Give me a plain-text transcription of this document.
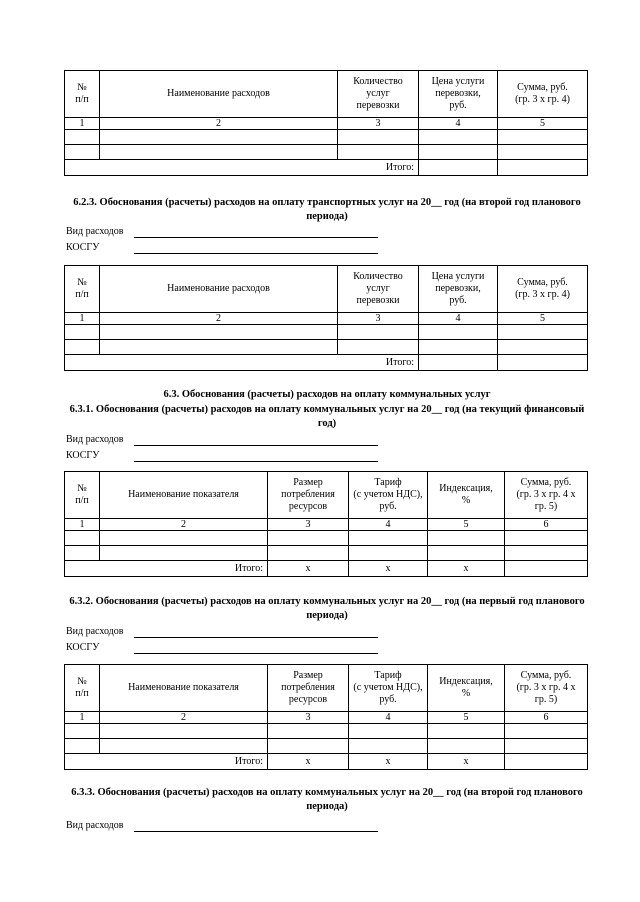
№
п/п	Наименование расходов	Количество
услуг
перевозки	Цена услуги
перевозки,
руб.	Сумма, руб.
(гр. 3 х гр. 4)
1	2	3	4	5

Итого:				
6.2.3. Обоснования (расчеты) расходов на оплату транспортных услуг на 20__ год (на второй год планового периода)
Вид расходов
КОСГУ
№
п/п	Наименование расходов	Количество
услуг
перевозки	Цена услуги
перевозки,
руб.	Сумма, руб.
(гр. 3 х гр. 4)
1	2	3	4	5

Итого:				
6.3. Обоснования (расчеты) расходов на оплату коммунальных услуг
6.3.1. Обоснования (расчеты) расходов на оплату коммунальных услуг на 20__ год (на текущий финансовый год)
Вид расходов
КОСГУ
№
п/п	Наименование показателя	Размер
потребления
ресурсов	Тариф
(с учетом НДС),
руб.	Индексация,
%	Сумма, руб.
(гр. 3 х гр. 4 х
гр. 5)
1	2	3	4	5	6

Итого:		х	х	х	
6.3.2. Обоснования (расчеты) расходов на оплату коммунальных услуг на 20__ год (на первый год планового периода)
Вид расходов
КОСГУ
№
п/п	Наименование показателя	Размер
потребления
ресурсов	Тариф
(с учетом НДС),
руб.	Индексация,
%	Сумма, руб.
(гр. 3 х гр. 4 х
гр. 5)
1	2	3	4	5	6

Итого:		х	х	х	
6.3.3. Обоснования (расчеты) расходов на оплату коммунальных услуг на 20__ год (на второй год планового периода)
Вид расходов
